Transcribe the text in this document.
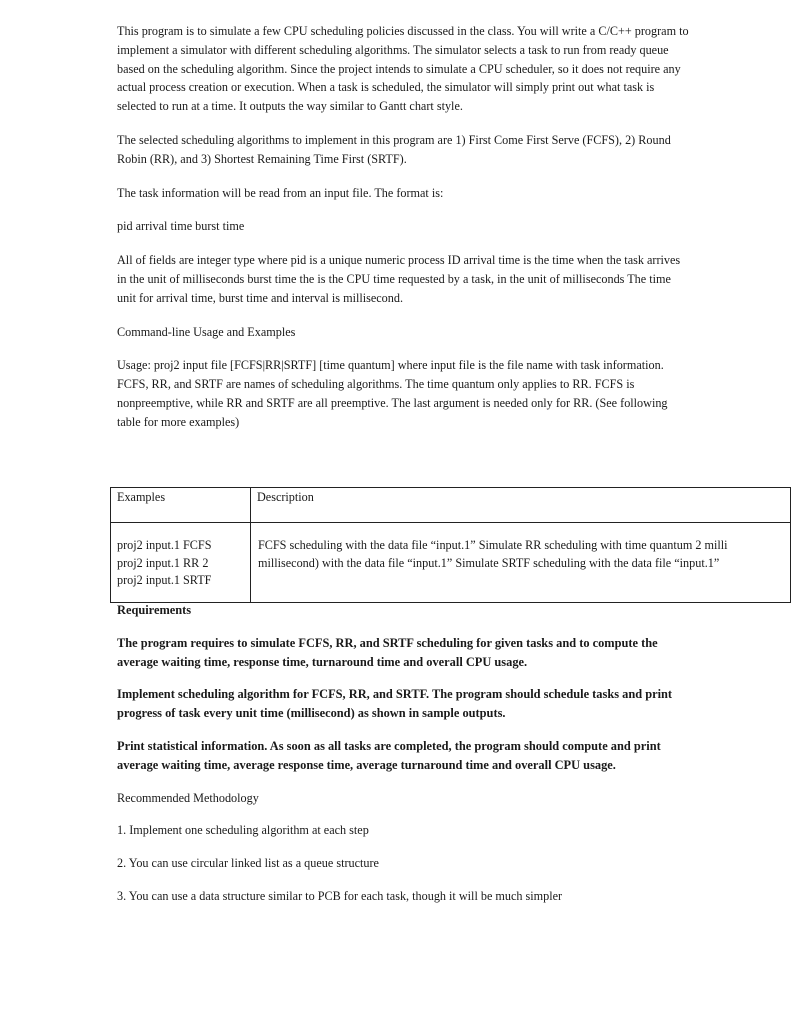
This program is to simulate a few CPU scheduling policies discussed in the class. You will write a C/C++ program to implement a simulator with different scheduling algorithms. The simulator selects a task to run from ready queue based on the scheduling algorithm. Since the project intends to simulate a CPU scheduler, so it does not require any actual process creation or execution. When a task is scheduled, the simulator will simply print out what task is selected to run at a time. It outputs the way similar to Gantt chart style.

The selected scheduling algorithms to implement in this program are 1) First Come First Serve (FCFS), 2) Round Robin (RR), and 3) Shortest Remaining Time First (SRTF).

The task information will be read from an input file. The format is:

pid arrival time burst time

All of fields are integer type where pid is a unique numeric process ID arrival time is the time when the task arrives in the unit of milliseconds burst time the is the CPU time requested by a task, in the unit of milliseconds The time unit for arrival time, burst time and interval is millisecond.

Command-line Usage and Examples

Usage: proj2 input file [FCFS|RR|SRTF] [time quantum] where input file is the file name with task information. FCFS, RR, and SRTF are names of scheduling algorithms. The time quantum only applies to RR. FCFS is nonpreemptive, while RR and SRTF are all preemptive. The last argument is needed only for RR. (See following table for more examples)

Examples	Description

proj2 input.1 FCFS
proj2 input.1 RR 2
proj2 input.1 SRTF	FCFS scheduling with the data file “input.1” Simulate RR scheduling with time quantum 2 milli
millisecond) with the data file “input.1” Simulate SRTF scheduling with the data file “input.1”

Requirements

The program requires to simulate FCFS, RR, and SRTF scheduling for given tasks and to compute the average waiting time, response time, turnaround time and overall CPU usage.

Implement scheduling algorithm for FCFS, RR, and SRTF. The program should schedule tasks and print progress of task every unit time (millisecond) as shown in sample outputs.

Print statistical information. As soon as all tasks are completed, the program should compute and print average waiting time, average response time, average turnaround time and overall CPU usage.

Recommended Methodology

1. Implement one scheduling algorithm at each step

2. You can use circular linked list as a queue structure

3. You can use a data structure similar to PCB for each task, though it will be much simpler
